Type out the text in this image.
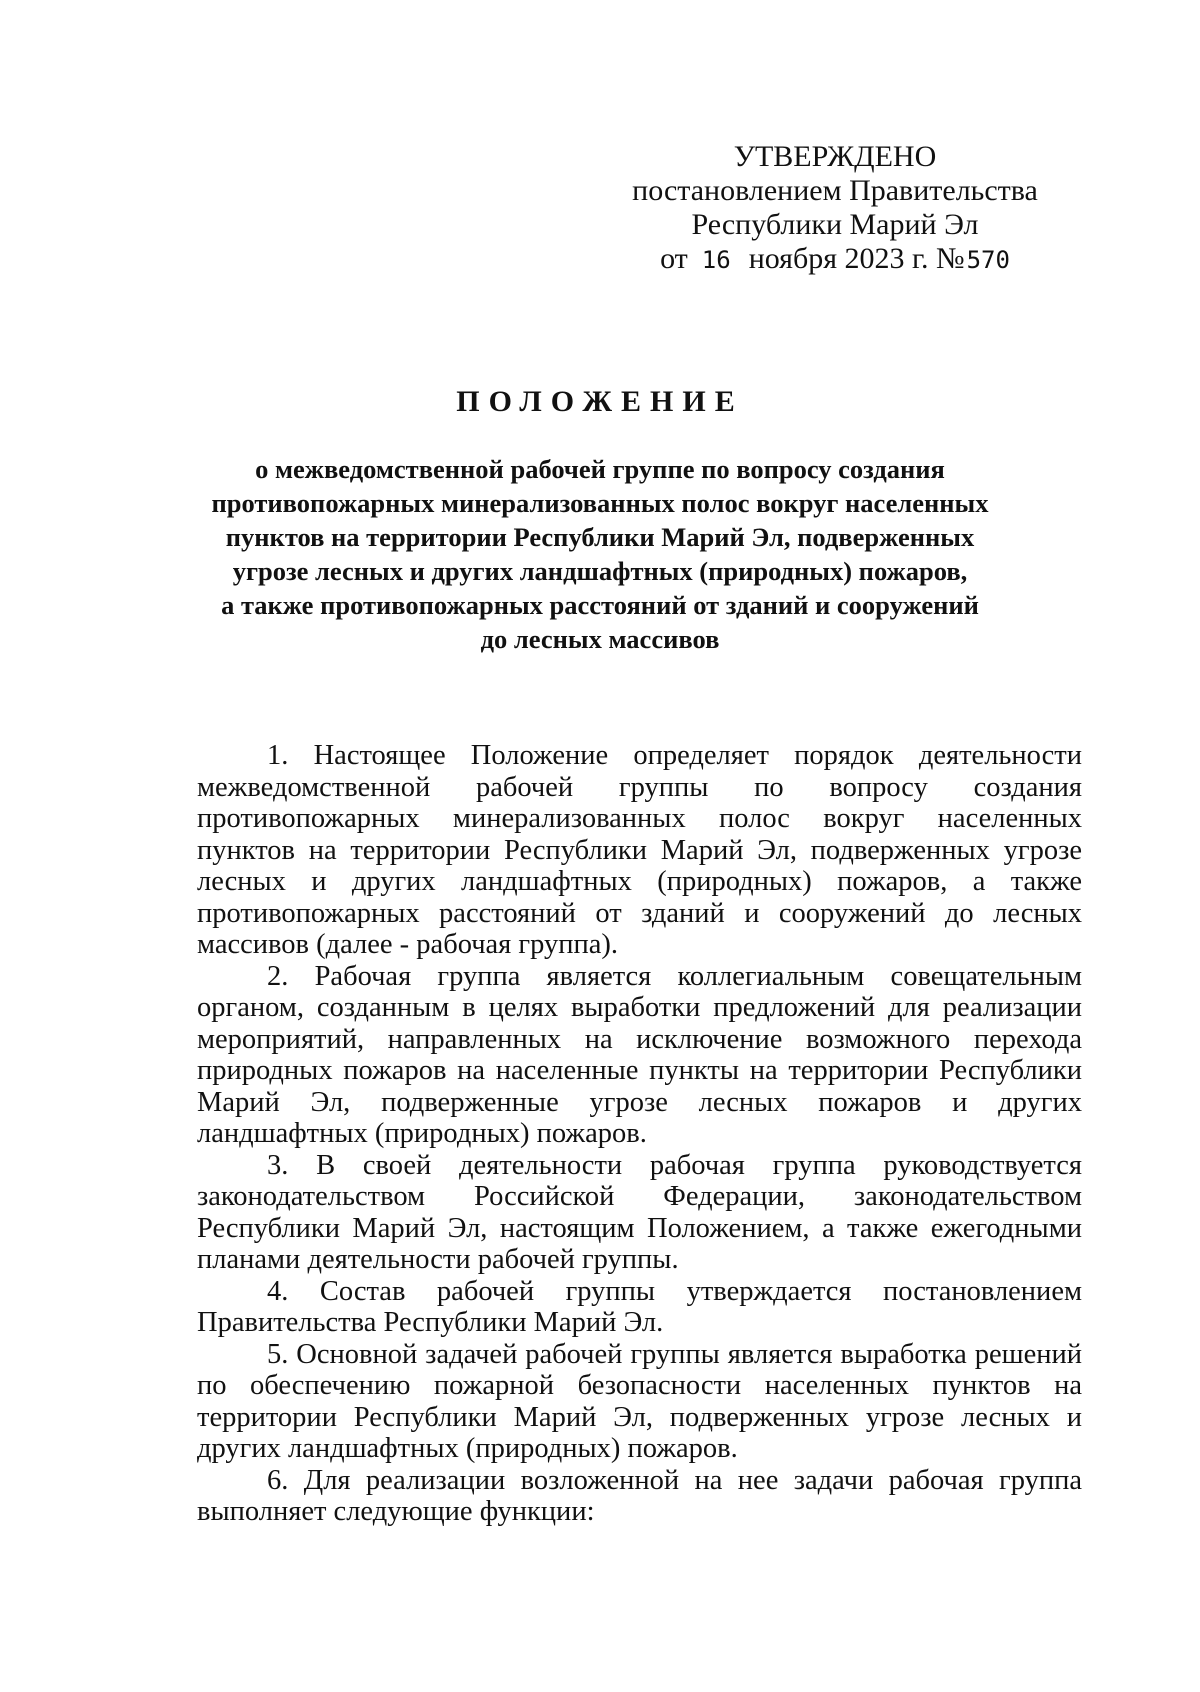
УТВЕРЖДЕНО
постановлением Правительства
Республики Марий Эл
от 16 ноября 2023 г. №570
ПОЛОЖЕНИЕ
о межведомственной рабочей группе по вопросу создания
противопожарных минерализованных полос вокруг населенных
пунктов на территории Республики Марий Эл, подверженных
угрозе лесных и других ландшафтных (природных) пожаров,
а также противопожарных расстояний от зданий и сооружений
до лесных массивов

1. Настоящее Положение определяет порядок деятельности межведомственной рабочей группы по вопросу создания противопожарных минерализованных полос вокруг населенных пунктов на территории Республики Марий Эл, подверженных угрозе лесных и других ландшафтных (природных) пожаров, а также противопожарных расстояний от зданий и сооружений до лесных массивов (далее - рабочая группа).

2. Рабочая группа является коллегиальным совещательным органом, созданным в целях выработки предложений для реализации мероприятий, направленных на исключение возможного перехода природных пожаров на населенные пункты на территории Республики Марий Эл, подверженные угрозе лесных пожаров и других ландшафтных (природных) пожаров.

3. В своей деятельности рабочая группа руководствуется законодательством Российской Федерации, законодательством Республики Марий Эл, настоящим Положением, а также ежегодными планами деятельности рабочей группы.

4. Состав рабочей группы утверждается постановлением Правительства Республики Марий Эл.

5. Основной задачей рабочей группы является выработка решений по обеспечению пожарной безопасности населенных пунктов на территории Республики Марий Эл, подверженных угрозе лесных и других ландшафтных (природных) пожаров.

6. Для реализации возложенной на нее задачи рабочая группа выполняет следующие функции:
